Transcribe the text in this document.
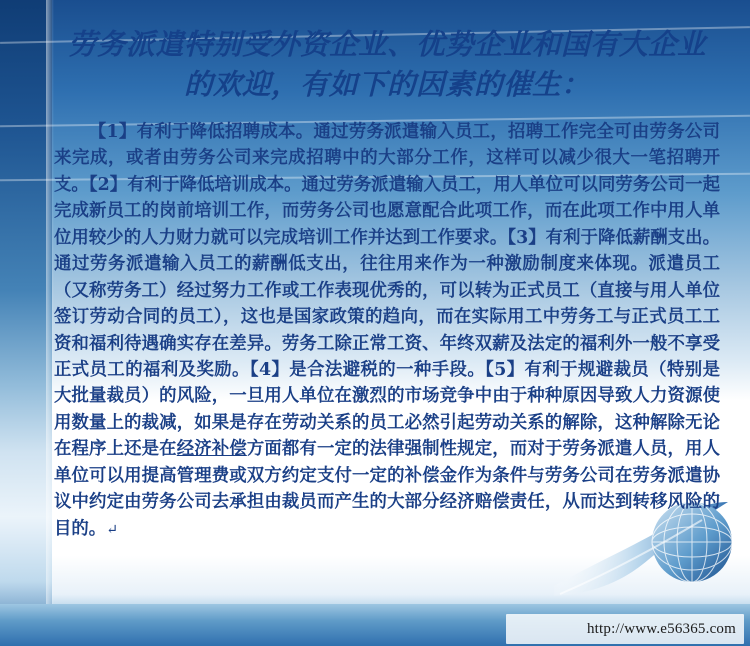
劳务派遣特别受外资企业、优势企业和国有大企业的欢迎，有如下的因素的催生：

【1】有利于降低招聘成本。通过劳务派遣输入员工，招聘工作完全可由劳务公司来完成，或者由劳务公司来完成招聘中的大部分工作，这样可以减少很大一笔招聘开支。【2】有利于降低培训成本。通过劳务派遣输入员工，用人单位可以同劳务公司一起完成新员工的岗前培训工作，而劳务公司也愿意配合此项工作，而在此项工作中用人单位用较少的人力财力就可以完成培训工作并达到工作要求。【3】有利于降低薪酬支出。通过劳务派遣输入员工的薪酬低支出，往往用来作为一种激励制度来体现。派遣员工（又称劳务工）经过努力工作或工作表现优秀的，可以转为正式员工（直接与用人单位签订劳动合同的员工），这也是国家政策的趋向，而在实际用工中劳务工与正式员工工资和福利待遇确实存在差异。劳务工除正常工资、年终双薪及法定的福利外一般不享受正式员工的福利及奖励。【4】是合法避税的一种手段。【5】有利于规避裁员（特别是大批量裁员）的风险，一旦用人单位在激烈的市场竞争中由于种种原因导致人力资源使用数量上的裁减，如果是存在劳动关系的员工必然引起劳动关系的解除，这种解除无论在程序上还是在经济补偿方面都有一定的法律强制性规定，而对于劳务派遣人员，用人单位可以用提高管理费或双方约定支付一定的补偿金作为条件与劳务公司在劳务派遣协议中约定由劳务公司去承担由裁员而产生的大部分经济赔偿责任，从而达到转移风险的目的。↵

http://www.e56365.com
